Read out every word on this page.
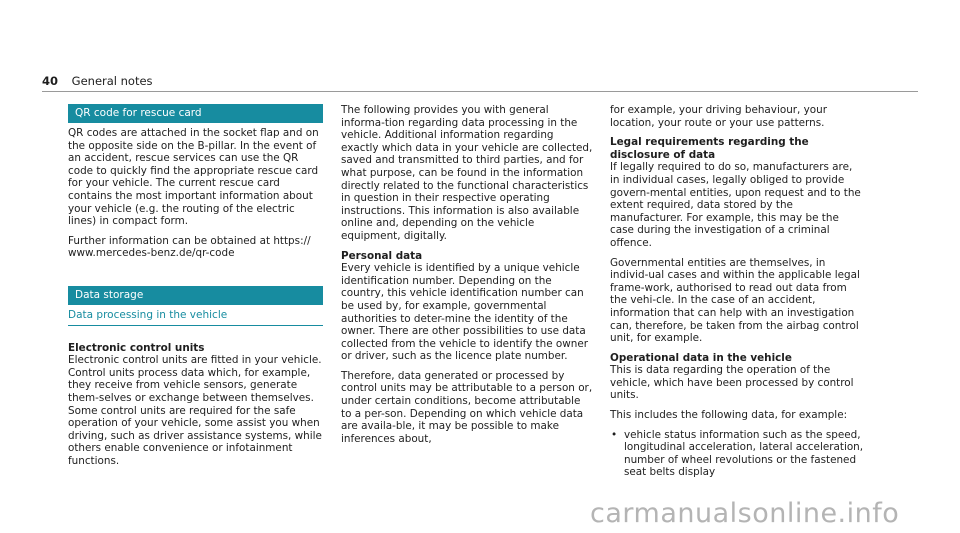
40 General notes
QR code for rescue card

QR codes are attached in the socket flap and on the opposite side on the B-pillar. In the event of an accident, rescue services can use the QR code to quickly find the appropriate rescue card for your vehicle. The current rescue card contains the most important information about your vehicle (e.g. the routing of the electric lines) in compact form.

Further information can be obtained at https:// www.mercedes-benz.de/qr-code

Data storage
Data processing in the vehicle
Electronic control units

Electronic control units are fitted in your vehicle. Control units process data which, for example, they receive from vehicle sensors, generate them-selves or exchange between themselves. Some control units are required for the safe operation of your vehicle, some assist you when driving, such as driver assistance systems, while others enable convenience or infotainment functions.

The following provides you with general informa-tion regarding data processing in the vehicle. Additional information regarding exactly which data in your vehicle are collected, saved and transmitted to third parties, and for what purpose, can be found in the information directly related to the functional characteristics in question in their respective operating instructions. This information is also available online and, depending on the vehicle equipment, digitally.

Personal data

Every vehicle is identified by a unique vehicle identification number. Depending on the country, this vehicle identification number can be used by, for example, governmental authorities to deter-mine the identity of the owner. There are other possibilities to use data collected from the vehicle to identify the owner or driver, such as the licence plate number.

Therefore, data generated or processed by control units may be attributable to a person or, under certain conditions, become attributable to a per-son. Depending on which vehicle data are availa-ble, it may be possible to make inferences about,

for example, your driving behaviour, your location, your route or your use patterns.

Legal requirements regarding the disclosure of data

If legally required to do so, manufacturers are, in individual cases, legally obliged to provide govern-mental entities, upon request and to the extent required, data stored by the manufacturer. For example, this may be the case during the investigation of a criminal offence.

Governmental entities are themselves, in individ-ual cases and within the applicable legal frame-work, authorised to read out data from the vehi-cle. In the case of an accident, information that can help with an investigation can, therefore, be taken from the airbag control unit, for example.

Operational data in the vehicle

This is data regarding the operation of the vehicle, which have been processed by control units.

This includes the following data, for example:

• vehicle status information such as the speed, longitudinal acceleration, lateral acceleration, number of wheel revolutions or the fastened seat belts display
carmanualsonline.info
